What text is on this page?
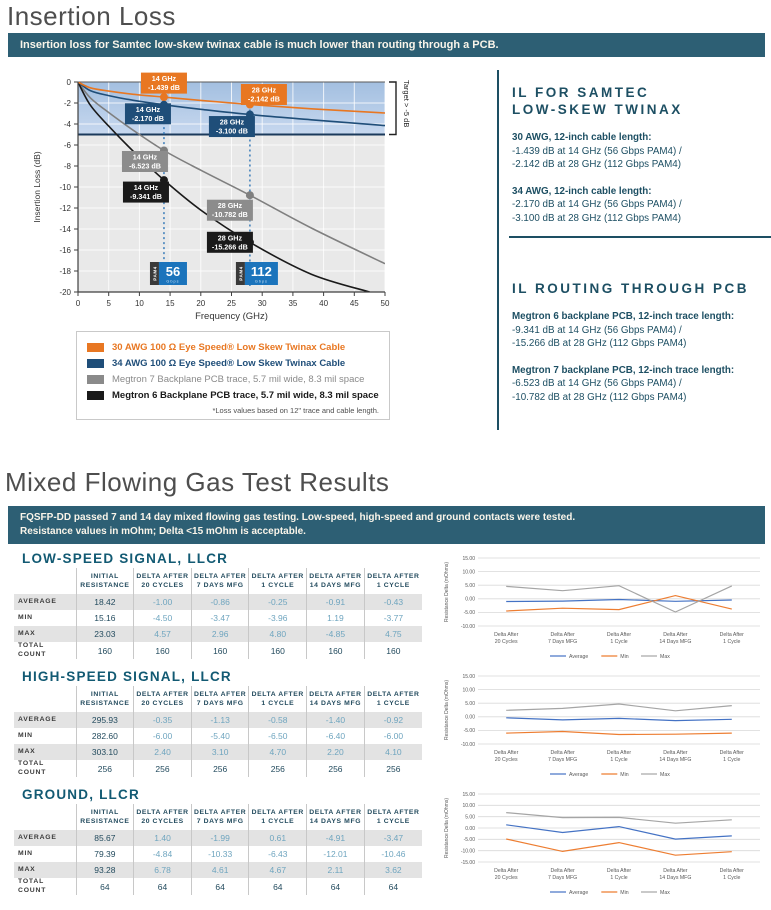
Insertion Loss
Insertion loss for Samtec low-skew twinax cable is much lower than routing through a PCB.
14 GHz
-1.439 dB	28 GHz
-2.142 dB
14 GHz
-2.170 dB	28 GHz
-3.100 dB
14 GHz
-6.523 dB
28 GHz
-10.782 dB
14 GHz
-9.341 dB
28 GHz
-15.266 dB
PAM4 56
Gbps
PAM4 112
Gbps
0
-2
-4
-6
-8
-10
-12
-14
-16
-18
-20
0	5	10	15	20	25	30	35	40	45	50
Insertion Loss (dB)
Frequency (GHz)
Target > -5 dB
30 AWG 100 Ω Eye Speed® Low Skew Twinax Cable
34 AWG 100 Ω Eye Speed® Low Skew Twinax Cable
Megtron 7 Backplane PCB trace, 5.7 mil wide, 8.3 mil space
Megtron 6 Backplane PCB trace, 5.7 mil wide, 8.3 mil space
*Loss values based on 12" trace and cable length.
IL FOR SAMTEC
LOW-SKEW TWINAX
30 AWG, 12-inch cable length:
-1.439 dB at 14 GHz (56 Gbps PAM4) /
-2.142 dB at 28 GHz (112 Gbps PAM4)
34 AWG, 12-inch cable length:
-2.170 dB at 14 GHz (56 Gbps PAM4) /
-3.100 dB at 28 GHz (112 Gbps PAM4)
IL ROUTING THROUGH PCB
Megtron 6 backplane PCB, 12-inch trace length:
-9.341 dB at 14 GHz (56 Gbps PAM4) /
-15.266 dB at 28 GHz (112 Gbps PAM4)
Megtron 7 backplane PCB, 12-inch trace length:
-6.523 dB at 14 GHz (56 Gbps PAM4) /
-10.782 dB at 28 GHz (112 Gbps PAM4)
Mixed Flowing Gas Test Results
FQSFP-DD passed 7 and 14 day mixed flowing gas testing. Low-speed, high-speed and ground contacts were tested.
Resistance values in mOhm; Delta <15 mOhm is acceptable.
LOW-SPEED SIGNAL, LLCR
	INITIAL RESISTANCE	DELTA AFTER 20 CYCLES	DELTA AFTER 7 DAYS MFG	DELTA AFTER 1 CYCLE	DELTA AFTER 14 DAYS MFG	DELTA AFTER 1 CYCLE
AVERAGE	18.42	-1.00	-0.86	-0.25	-0.91	-0.43
MIN	15.16	-4.50	-3.47	-3.96	1.19	-3.77
MAX	23.03	4.57	2.96	4.80	-4.85	4.75
TOTAL COUNT	160	160	160	160	160	160
HIGH-SPEED SIGNAL, LLCR
	INITIAL RESISTANCE	DELTA AFTER 20 CYCLES	DELTA AFTER 7 DAYS MFG	DELTA AFTER 1 CYCLE	DELTA AFTER 14 DAYS MFG	DELTA AFTER 1 CYCLE
AVERAGE	295.93	-0.35	-1.13	-0.58	-1.40	-0.92
MIN	282.60	-6.00	-5.40	-6.50	-6.40	-6.00
MAX	303.10	2.40	3.10	4.70	2.20	4.10
TOTAL COUNT	256	256	256	256	256	256
GROUND, LLCR
	INITIAL RESISTANCE	DELTA AFTER 20 CYCLES	DELTA AFTER 7 DAYS MFG	DELTA AFTER 1 CYCLE	DELTA AFTER 14 DAYS MFG	DELTA AFTER 1 CYCLE
AVERAGE	85.67	1.40	-1.99	0.61	-4.91	-3.47
MIN	79.39	-4.84	-10.33	-6.43	-12.01	-10.46
MAX	93.28	6.78	4.61	4.67	2.11	3.62
TOTAL COUNT	64	64	64	64	64	64
15.00
10.00
5.00
0.00
-5.00
-10.00
Delta After
20 Cycles
Delta After
7 Days MFG
Delta After
1 Cycle
Delta After
14 Days MFG
Delta After
1 Cycle
Resistance Delta (mOhms)
Average	Min	Max
15.00
10.00
5.00
0.00
-5.00
-10.00
Delta After
20 Cycles
Delta After
7 Days MFG
Delta After
1 Cycle
Delta After
14 Days MFG
Delta After
1 Cycle
Resistance Delta (mOhms)
Average	Min	Max
15.00
10.00
5.00
0.00
-5.00
-10.00
-15.00
Delta After
20 Cycles
Delta After
7 Days MFG
Delta After
1 Cycle
Delta After
14 Days MFG
Delta After
1 Cycle
Resistance Delta (mOhms)
Average	Min	Max
